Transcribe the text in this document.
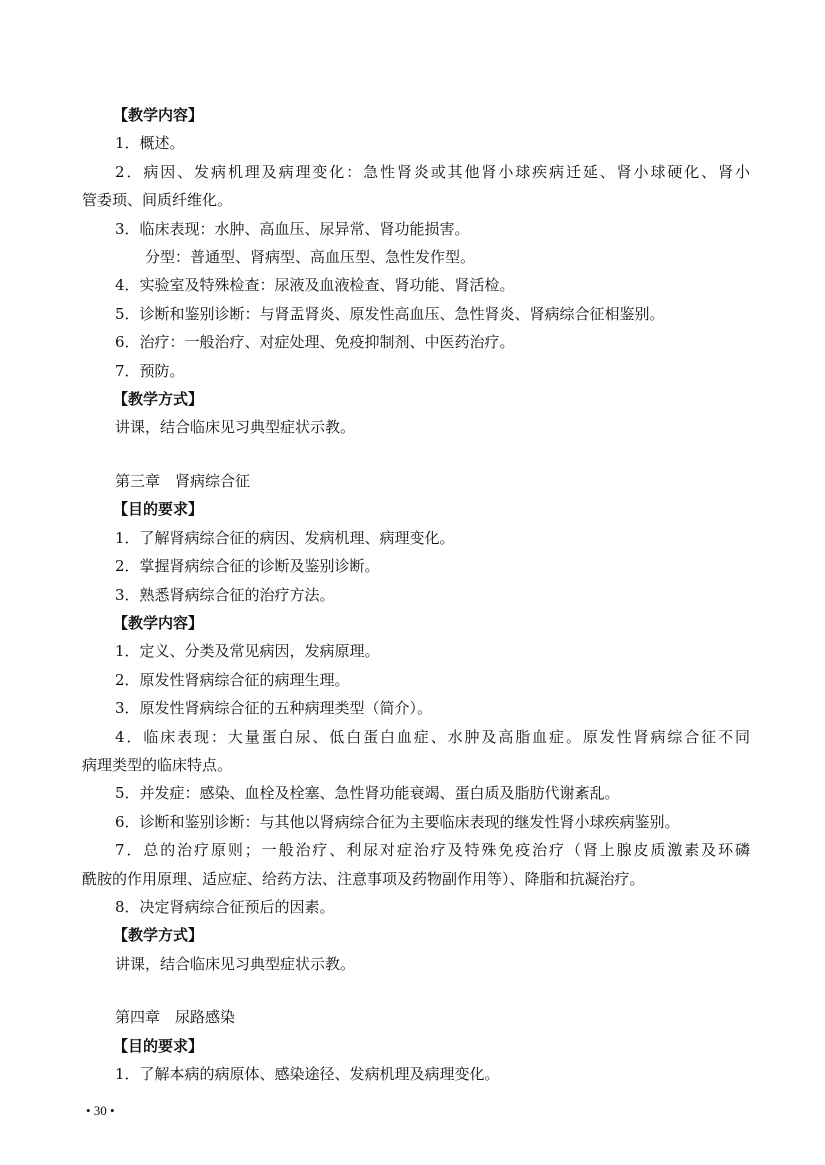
【教学内容】
1．概述。
2．病因、发病机理及病理变化：急性肾炎或其他肾小球疾病迁延、肾小球硬化、肾小
管委顼、间质纤维化。
3．临床表现：水肿、高血压、尿异常、肾功能损害。
分型：普通型、肾病型、高血压型、急性发作型。
4．实验室及特殊检查：尿液及血液检查、肾功能、肾活检。
5．诊断和鉴别诊断：与肾盂肾炎、原发性高血压、急性肾炎、肾病综合征相鉴别。
6．治疗：一般治疗、对症处理、免疫抑制剂、中医药治疗。
7．预防。
【教学方式】
讲课，结合临床见习典型症状示教。
第三章　肾病综合征
【目的要求】
1．了解肾病综合征的病因、发病机理、病理变化。
2．掌握肾病综合征的诊断及鉴别诊断。
3．熟悉肾病综合征的治疗方法。
【教学内容】
1．定义、分类及常见病因，发病原理。
2．原发性肾病综合征的病理生理。
3．原发性肾病综合征的五种病理类型（简介）。
4．临床表现：大量蛋白尿、低白蛋白血症、水肿及高脂血症。原发性肾病综合征不同
病理类型的临床特点。
5．并发症：感染、血栓及栓塞、急性肾功能衰竭、蛋白质及脂肪代谢紊乱。
6．诊断和鉴别诊断：与其他以肾病综合征为主要临床表现的继发性肾小球疾病鉴别。
7．总的治疗原则；一般治疗、利尿对症治疗及特殊免疫治疗（肾上腺皮质激素及环磷
酰胺的作用原理、适应症、给药方法、注意事项及药物副作用等）、降脂和抗凝治疗。
8．决定肾病综合征预后的因素。
【教学方式】
讲课，结合临床见习典型症状示教。
第四章　尿路感染
【目的要求】
1．了解本病的病原体、感染途径、发病机理及病理变化。
• 30 •
